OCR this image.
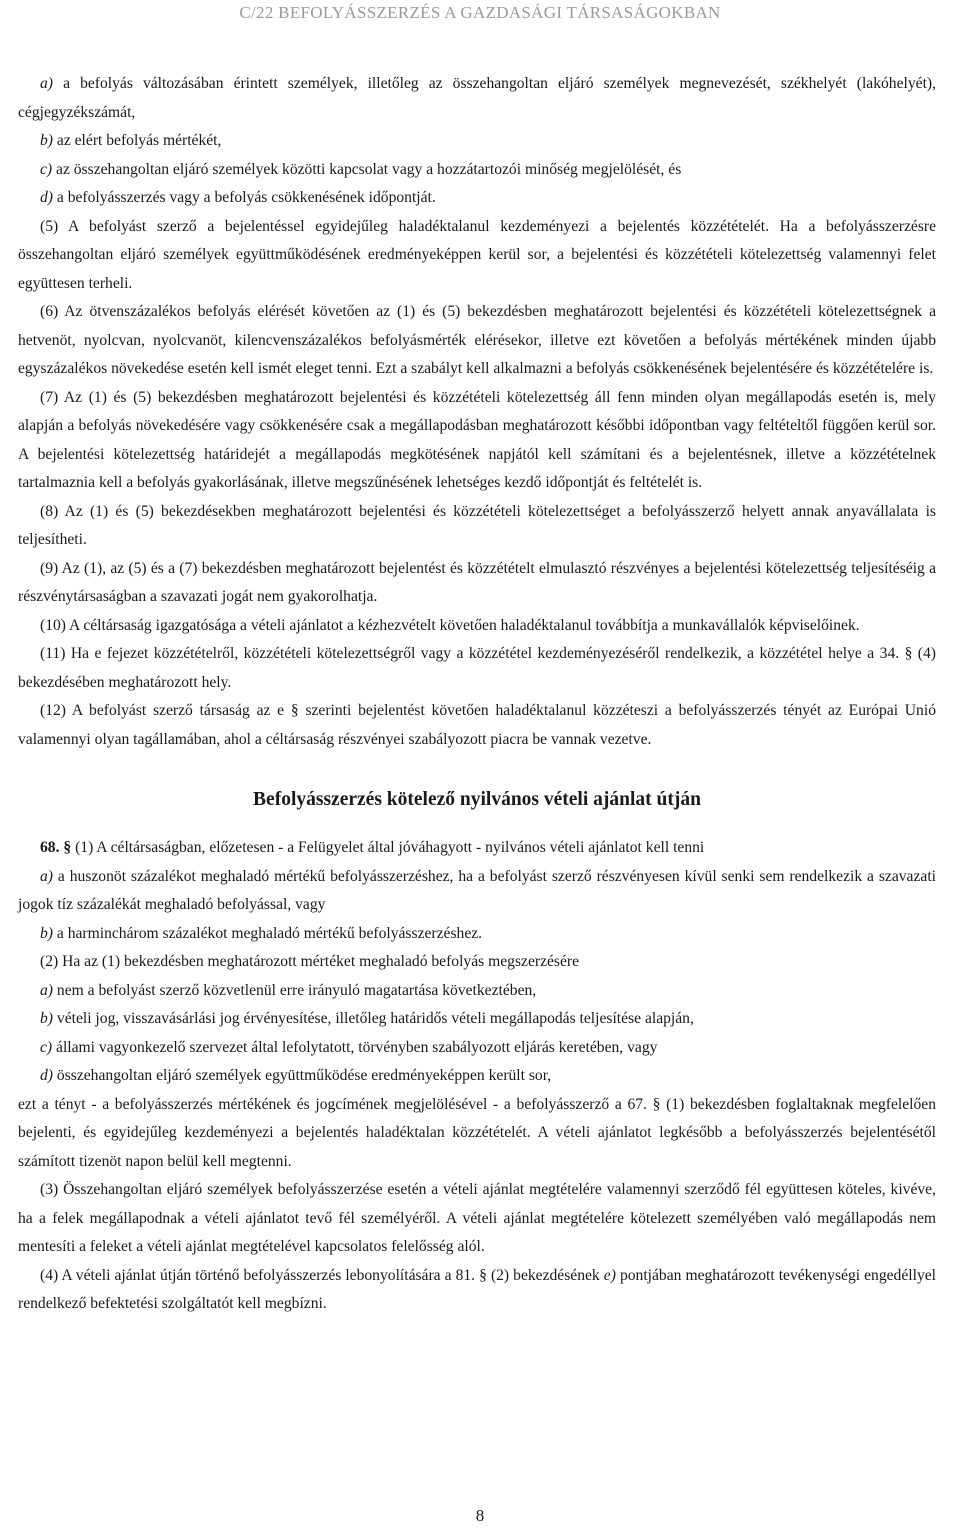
C/22 BEFOLYÁSSZERZÉS A GAZDASÁGI TÁRSASÁGOKBAN

a) a befolyás változásában érintett személyek, illetőleg az összehangoltan eljáró személyek megnevezését, székhelyét (lakóhelyét), cégjegyzékszámát,

b) az elért befolyás mértékét,

c) az összehangoltan eljáró személyek közötti kapcsolat vagy a hozzátartozói minőség megjelölését, és

d) a befolyásszerzés vagy a befolyás csökkenésének időpontját.

(5) A befolyást szerző a bejelentéssel egyidejűleg haladéktalanul kezdeményezi a bejelentés közzétételét. Ha a befolyásszerzésre összehangoltan eljáró személyek együttműködésének eredményeképpen kerül sor, a bejelentési és közzétételi kötelezettség valamennyi felet együttesen terheli.

(6) Az ötvenszázalékos befolyás elérését követően az (1) és (5) bekezdésben meghatározott bejelentési és közzétételi kötelezettségnek a hetvenöt, nyolcvan, nyolcvanöt, kilencvenszázalékos befolyásmérték elérésekor, illetve ezt követően a befolyás mértékének minden újabb egyszázalékos növekedése esetén kell ismét eleget tenni. Ezt a szabályt kell alkalmazni a befolyás csökkenésének bejelentésére és közzétételére is.

(7) Az (1) és (5) bekezdésben meghatározott bejelentési és közzétételi kötelezettség áll fenn minden olyan megállapodás esetén is, mely alapján a befolyás növekedésére vagy csökkenésére csak a megállapodásban meghatározott későbbi időpontban vagy feltételtől függően kerül sor. A bejelentési kötelezettség határidejét a megállapodás megkötésének napjától kell számítani és a bejelentésnek, illetve a közzétételnek tartalmaznia kell a befolyás gyakorlásának, illetve megszűnésének lehetséges kezdő időpontját és feltételét is.

(8) Az (1) és (5) bekezdésekben meghatározott bejelentési és közzétételi kötelezettséget a befolyásszerző helyett annak anyavállalata is teljesítheti.

(9) Az (1), az (5) és a (7) bekezdésben meghatározott bejelentést és közzétételt elmulasztó részvényes a bejelentési kötelezettség teljesítéséig a részvénytársaságban a szavazati jogát nem gyakorolhatja.

(10) A céltársaság igazgatósága a vételi ajánlatot a kézhezvételt követően haladéktalanul továbbítja a munkavállalók képviselőinek.

(11) Ha e fejezet közzétételről, közzétételi kötelezettségről vagy a közzététel kezdeményezéséről rendelkezik, a közzététel helye a 34. § (4) bekezdésében meghatározott hely.

(12) A befolyást szerző társaság az e § szerinti bejelentést követően haladéktalanul közzéteszi a befolyásszerzés tényét az Európai Unió valamennyi olyan tagállamában, ahol a céltársaság részvényei szabályozott piacra be vannak vezetve.

Befolyásszerzés kötelező nyilvános vételi ajánlat útján

68. § (1) A céltársaságban, előzetesen - a Felügyelet által jóváhagyott - nyilvános vételi ajánlatot kell tenni

a) a huszonöt százalékot meghaladó mértékű befolyásszerzéshez, ha a befolyást szerző részvényesen kívül senki sem rendelkezik a szavazati jogok tíz százalékát meghaladó befolyással, vagy

b) a harminchárom százalékot meghaladó mértékű befolyásszerzéshez.

(2) Ha az (1) bekezdésben meghatározott mértéket meghaladó befolyás megszerzésére

a) nem a befolyást szerző közvetlenül erre irányuló magatartása következtében,

b) vételi jog, visszavásárlási jog érvényesítése, illetőleg határidős vételi megállapodás teljesítése alapján,

c) állami vagyonkezelő szervezet által lefolytatott, törvényben szabályozott eljárás keretében, vagy

d) összehangoltan eljáró személyek együttműködése eredményeképpen került sor,

ezt a tényt - a befolyásszerzés mértékének és jogcímének megjelölésével - a befolyásszerző a 67. § (1) bekezdésben foglaltaknak megfelelően bejelenti, és egyidejűleg kezdeményezi a bejelentés haladéktalan közzétételét. A vételi ajánlatot legkésőbb a befolyásszerzés bejelentésétől számított tizenöt napon belül kell megtenni.

(3) Összehangoltan eljáró személyek befolyásszerzése esetén a vételi ajánlat megtételére valamennyi szerződő fél együttesen köteles, kivéve, ha a felek megállapodnak a vételi ajánlatot tevő fél személyéről. A vételi ajánlat megtételére kötelezett személyében való megállapodás nem mentesíti a feleket a vételi ajánlat megtételével kapcsolatos felelősség alól.

(4) A vételi ajánlat útján történő befolyásszerzés lebonyolítására a 81. § (2) bekezdésének e) pontjában meghatározott tevékenységi engedéllyel rendelkező befektetési szolgáltatót kell megbízni.

8
